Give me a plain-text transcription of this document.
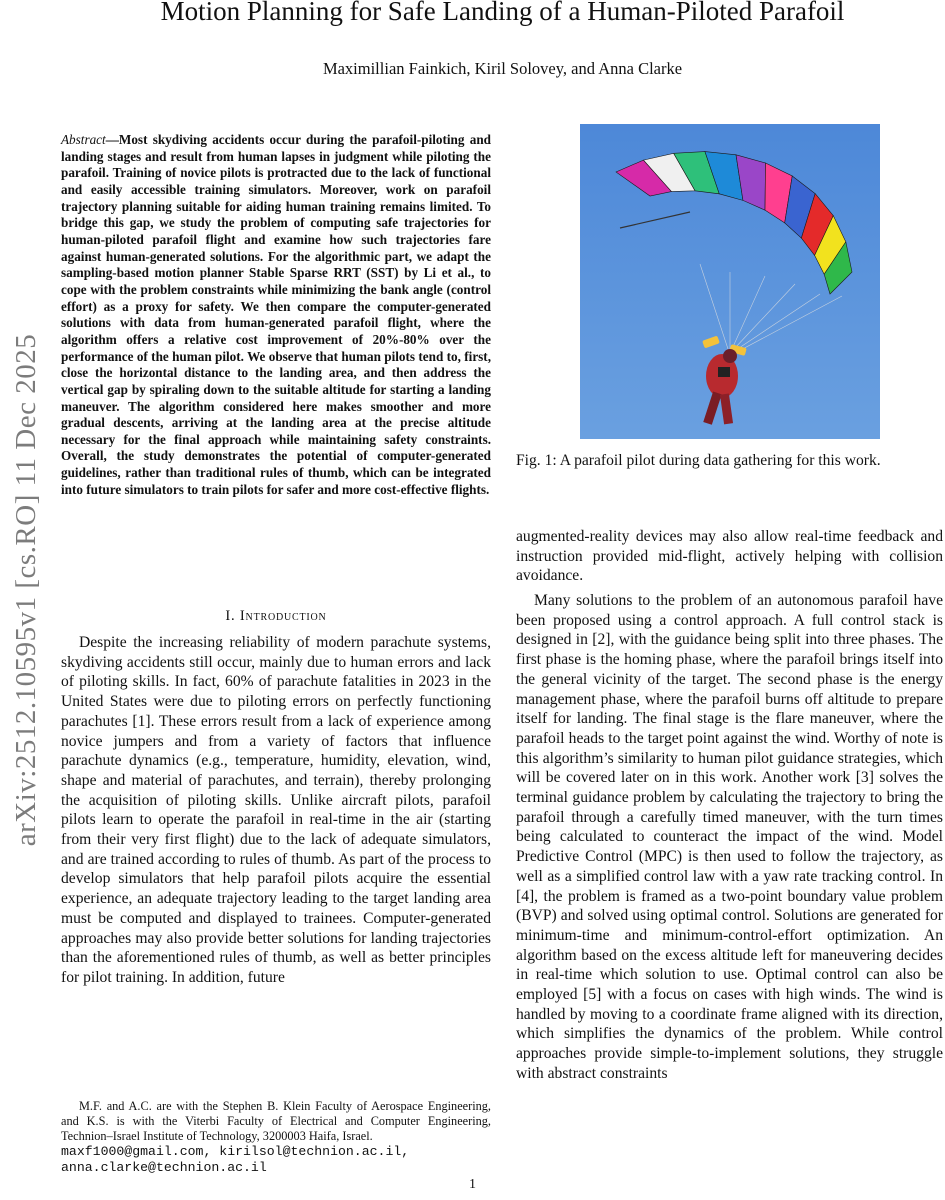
Motion Planning for Safe Landing of a Human-Piloted Parafoil
Maximillian Fainkich, Kiril Solovey, and Anna Clarke
arXiv:2512.10595v1 [cs.RO] 11 Dec 2025

Abstract—Most skydiving accidents occur during the parafoil-piloting and landing stages and result from human lapses in judgment while piloting the parafoil. Training of novice pilots is protracted due to the lack of functional and easily accessible training simulators. Moreover, work on parafoil trajectory planning suitable for aiding human training remains limited. To bridge this gap, we study the problem of computing safe trajectories for human-piloted parafoil flight and examine how such trajectories fare against human-generated solutions. For the algorithmic part, we adapt the sampling-based motion planner Stable Sparse RRT (SST) by Li et al., to cope with the problem constraints while minimizing the bank angle (control effort) as a proxy for safety. We then compare the computer-generated solutions with data from human-generated parafoil flight, where the algorithm offers a relative cost improvement of 20%-80% over the performance of the human pilot. We observe that human pilots tend to, first, close the horizontal distance to the landing area, and then address the vertical gap by spiraling down to the suitable altitude for starting a landing maneuver. The algorithm considered here makes smoother and more gradual descents, arriving at the landing area at the precise altitude necessary for the final approach while maintaining safety constraints. Overall, the study demonstrates the potential of computer-generated guidelines, rather than traditional rules of thumb, which can be integrated into future simulators to train pilots for safer and more cost-effective flights.

I. Introduction

Despite the increasing reliability of modern parachute systems, skydiving accidents still occur, mainly due to human errors and lack of piloting skills. In fact, 60% of parachute fatalities in 2023 in the United States were due to piloting errors on perfectly functioning parachutes [1]. These errors result from a lack of experience among novice jumpers and from a variety of factors that influence parachute dynamics (e.g., temperature, humidity, elevation, wind, shape and material of parachutes, and terrain), thereby prolonging the acquisition of piloting skills. Unlike aircraft pilots, parafoil pilots learn to operate the parafoil in real-time in the air (starting from their very first flight) due to the lack of adequate simulators, and are trained according to rules of thumb. As part of the process to develop simulators that help parafoil pilots acquire the essential experience, an adequate trajectory leading to the target landing area must be computed and displayed to trainees. Computer-generated approaches may also provide better solutions for landing trajectories than the aforementioned rules of thumb, as well as better principles for pilot training. In addition, future

M.F. and A.C. are with the Stephen B. Klein Faculty of Aerospace Engineering, and K.S. is with the Viterbi Faculty of Electrical and Computer Engineering, Technion–Israel Institute of Technology, 3200003 Haifa, Israel.

maxf1000@gmail.com, kirilsol@technion.ac.il,
anna.clarke@technion.ac.il
Fig. 1: A parafoil pilot during data gathering for this work.

augmented-reality devices may also allow real-time feedback and instruction provided mid-flight, actively helping with collision avoidance.

Many solutions to the problem of an autonomous parafoil have been proposed using a control approach. A full control stack is designed in [2], with the guidance being split into three phases. The first phase is the homing phase, where the parafoil brings itself into the general vicinity of the target. The second phase is the energy management phase, where the parafoil burns off altitude to prepare itself for landing. The final stage is the flare maneuver, where the parafoil heads to the target point against the wind. Worthy of note is this algorithm’s similarity to human pilot guidance strategies, which will be covered later on in this work. Another work [3] solves the terminal guidance problem by calculating the trajectory to bring the parafoil through a carefully timed maneuver, with the turn times being calculated to counteract the impact of the wind. Model Predictive Control (MPC) is then used to follow the trajectory, as well as a simplified control law with a yaw rate tracking control. In [4], the problem is framed as a two-point boundary value problem (BVP) and solved using optimal control. Solutions are generated for minimum-time and minimum-control-effort optimization. An algorithm based on the excess altitude left for maneuvering decides in real-time which solution to use. Optimal control can also be employed [5] with a focus on cases with high winds. The wind is handled by moving to a coordinate frame aligned with its direction, which simplifies the dynamics of the problem. While control approaches provide simple-to-implement solutions, they struggle with abstract constraints

1
